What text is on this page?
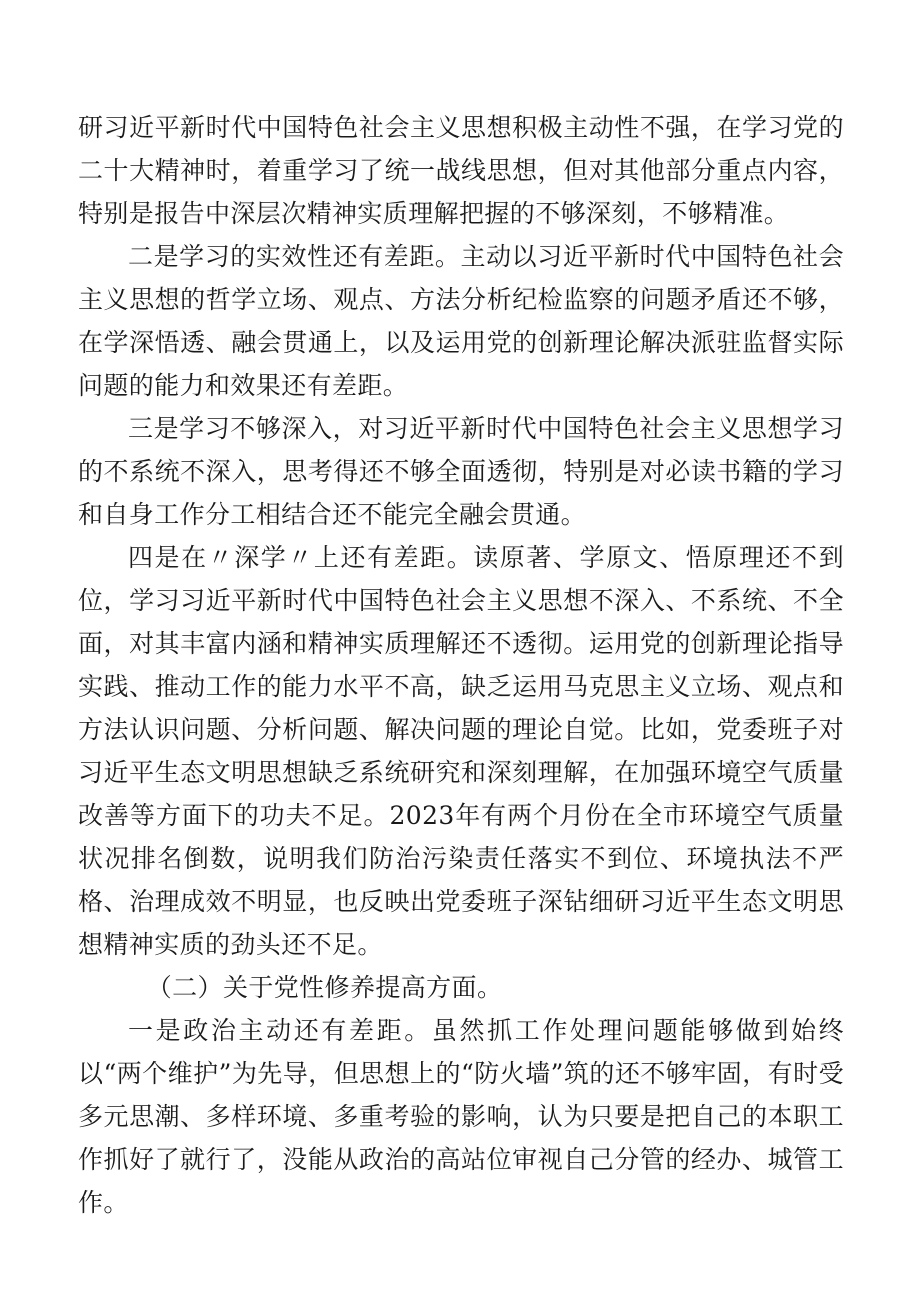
研习近平新时代中国特色社会主义思想积极主动性不强，在学习党的二十大精神时，着重学习了统一战线思想，但对其他部分重点内容，特别是报告中深层次精神实质理解把握的不够深刻，不够精准。

二是学习的实效性还有差距。主动以习近平新时代中国特色社会主义思想的哲学立场、观点、方法分析纪检监察的问题矛盾还不够，在学深悟透、融会贯通上，以及运用党的创新理论解决派驻监督实际问题的能力和效果还有差距。

三是学习不够深入，对习近平新时代中国特色社会主义思想学习的不系统不深入，思考得还不够全面透彻，特别是对必读书籍的学习和自身工作分工相结合还不能完全融会贯通。

四是在〃深学〃上还有差距。读原著、学原文、悟原理还不到位，学习习近平新时代中国特色社会主义思想不深入、不系统、不全面，对其丰富内涵和精神实质理解还不透彻。运用党的创新理论指导实践、推动工作的能力水平不高，缺乏运用马克思主义立场、观点和方法认识问题、分析问题、解决问题的理论自觉。比如，党委班子对习近平生态文明思想缺乏系统研究和深刻理解，在加强环境空气质量改善等方面下的功夫不足。2023年有两个月份在全市环境空气质量状况排名倒数，说明我们防治污染责任落实不到位、环境执法不严格、治理成效不明显，也反映出党委班子深钻细研习近平生态文明思想精神实质的劲头还不足。

（二）关于党性修养提高方面。

一是政治主动还有差距。虽然抓工作处理问题能够做到始终以“两个维护”为先导，但思想上的“防火墙”筑的还不够牢固，有时受多元思潮、多样环境、多重考验的影响，认为只要是把自己的本职工作抓好了就行了，没能从政治的高站位审视自己分管的经办、城管工作。
